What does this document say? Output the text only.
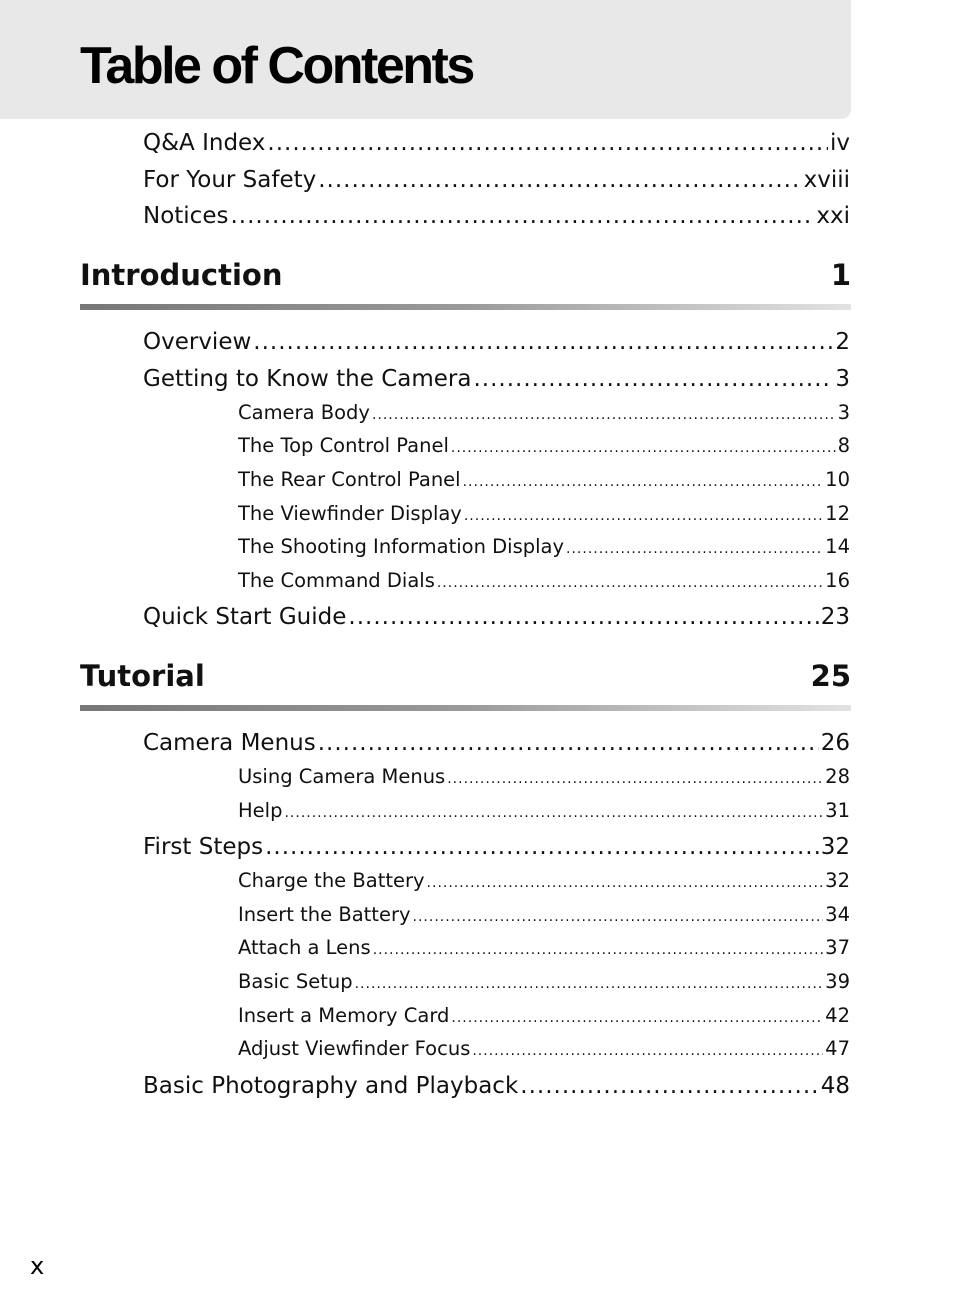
Table of Contents
Q&A Index .....	iv
For Your Safety .....	xviii
Notices .....	xxi
Introduction	1
Overview .....	2
Getting to Know the Camera .....	3
Camera Body .....	3
The Top Control Panel .....	8
The Rear Control Panel .....	10
The Viewfinder Display .....	12
The Shooting Information Display .....	14
The Command Dials .....	16
Quick Start Guide .....	23
Tutorial	25
Camera Menus .....	26
Using Camera Menus .....	28
Help .....	31
First Steps .....	32
Charge the Battery .....	32
Insert the Battery .....	34
Attach a Lens .....	37
Basic Setup .....	39
Insert a Memory Card .....	42
Adjust Viewfinder Focus .....	47
Basic Photography and Playback .....	48
x
